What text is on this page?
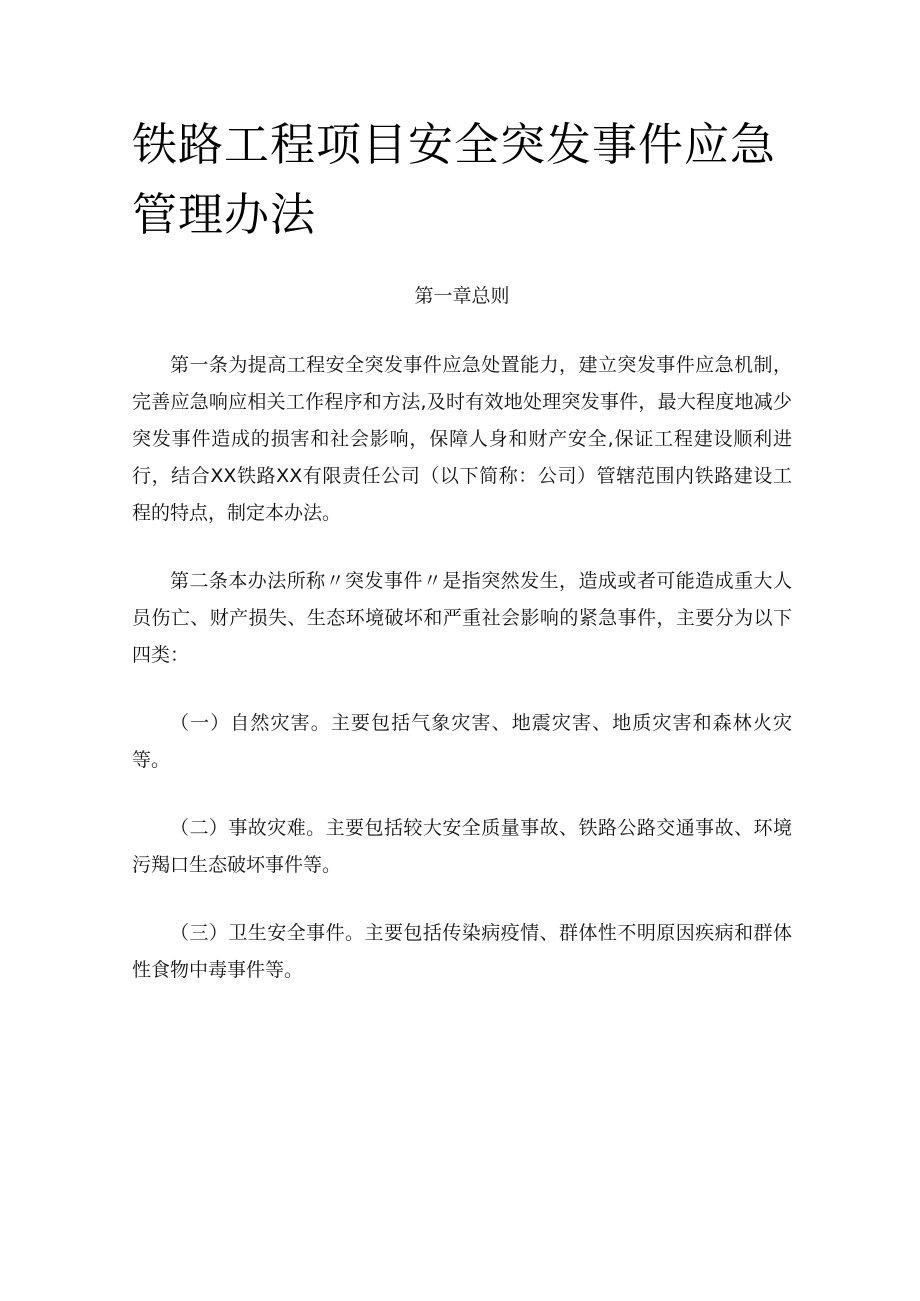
铁路工程项目安全突发事件应急管理办法
第一章总则

第一条为提高工程安全突发事件应急处置能力，建立突发事件应急机制，完善应急响应相关工作程序和方法,及时有效地处理突发事件，最大程度地减少突发事件造成的损害和社会影响，保障人身和财产安全,保证工程建设顺利进行，结合XX铁路XX有限责任公司（以下简称：公司）管辖范围内铁路建设工程的特点，制定本办法。

第二条本办法所称〃突发事件〃是指突然发生，造成或者可能造成重大人员伤亡、财产损失、生态环境破坏和严重社会影响的紧急事件，主要分为以下四类：

（一）自然灾害。主要包括气象灾害、地震灾害、地质灾害和森林火灾等。

（二）事故灾难。主要包括较大安全质量事故、铁路公路交通事故、环境污羯口生态破坏事件等。

（三）卫生安全事件。主要包括传染病疫情、群体性不明原因疾病和群体性食物中毒事件等。
